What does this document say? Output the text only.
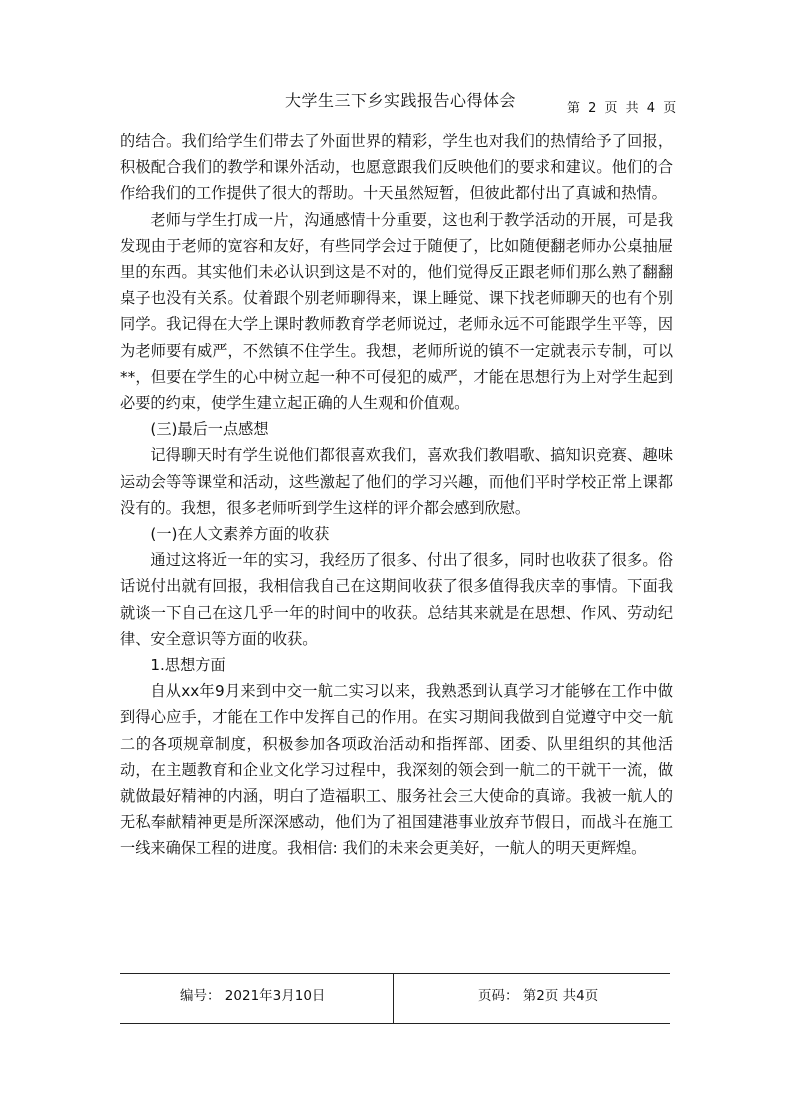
大学生三下乡实践报告心得体会	第 2 页 共 4 页

的结合。我们给学生们带去了外面世界的精彩，学生也对我们的热情给予了回报，积极配合我们的教学和课外活动，也愿意跟我们反映他们的要求和建议。他们的合作给我们的工作提供了很大的帮助。十天虽然短暂，但彼此都付出了真诚和热情。

老师与学生打成一片，沟通感情十分重要，这也利于教学活动的开展，可是我发现由于老师的宽容和友好，有些同学会过于随便了，比如随便翻老师办公桌抽屉里的东西。其实他们未必认识到这是不对的，他们觉得反正跟老师们那么熟了翻翻桌子也没有关系。仗着跟个别老师聊得来，课上睡觉、课下找老师聊天的也有个别同学。我记得在大学上课时教师教育学老师说过，老师永远不可能跟学生平等，因为老师要有威严，不然镇不住学生。我想，老师所说的镇不一定就表示专制，可以**，但要在学生的心中树立起一种不可侵犯的威严，才能在思想行为上对学生起到必要的约束，使学生建立起正确的人生观和价值观。

(三)最后一点感想

记得聊天时有学生说他们都很喜欢我们，喜欢我们教唱歌、搞知识竞赛、趣味运动会等等课堂和活动，这些激起了他们的学习兴趣，而他们平时学校正常上课都没有的。我想，很多老师听到学生这样的评介都会感到欣慰。

(一)在人文素养方面的收获

通过这将近一年的实习，我经历了很多、付出了很多，同时也收获了很多。俗话说付出就有回报，我相信我自己在这期间收获了很多值得我庆幸的事情。下面我就谈一下自己在这几乎一年的时间中的收获。总结其来就是在思想、作风、劳动纪律、安全意识等方面的收获。

1.思想方面

自从xx年9月来到中交一航二实习以来，我熟悉到认真学习才能够在工作中做到得心应手，才能在工作中发挥自己的作用。在实习期间我做到自觉遵守中交一航二的各项规章制度，积极参加各项政治活动和指挥部、团委、队里组织的其他活动，在主题教育和企业文化学习过程中，我深刻的领会到一航二的干就干一流，做就做最好精神的内涵，明白了造福职工、服务社会三大使命的真谛。我被一航人的无私奉献精神更是所深深感动，他们为了祖国建港事业放弃节假日，而战斗在施工一线来确保工程的进度。我相信: 我们的未来会更美好，一航人的明天更辉煌。

编号： 2021年3月10日	页码： 第2页 共4页
